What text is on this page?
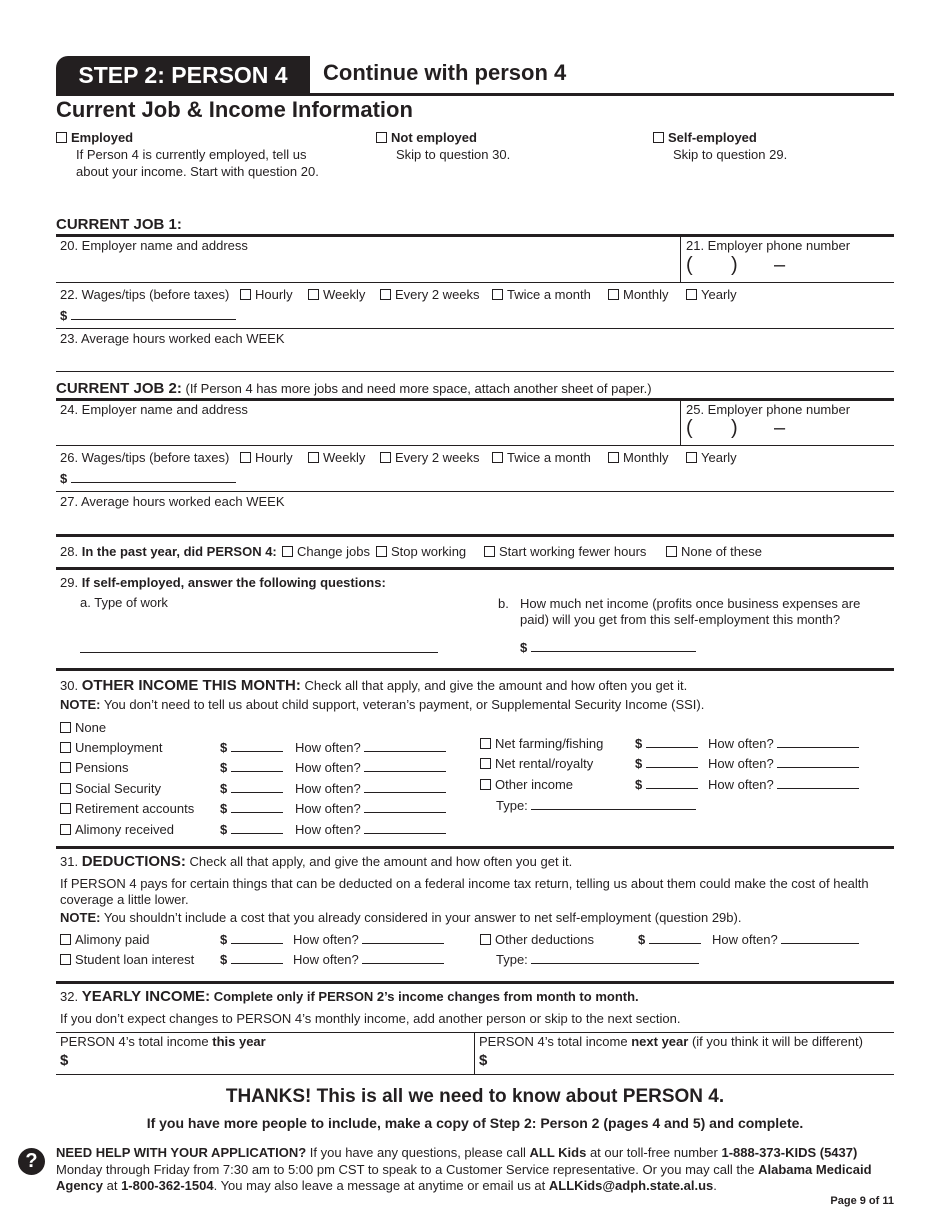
STEP 2: PERSON 4	Continue with person 4
Current Job & Income Information
Employed
If Person 4 is currently employed, tell us about your income. Start with question 20.
Not employed
Skip to question 30.
Self-employed
Skip to question 29.
CURRENT JOB 1:
20. Employer name and address	21. Employer phone number
( ) –
22. Wages/tips (before taxes)	Hourly	Weekly	Every 2 weeks	Twice a month	Monthly	Yearly
$
23. Average hours worked each WEEK
CURRENT JOB 2: (If Person 4 has more jobs and need more space, attach another sheet of paper.)
24. Employer name and address	25. Employer phone number
( ) –
26. Wages/tips (before taxes)	Hourly	Weekly	Every 2 weeks	Twice a month	Monthly	Yearly
$
27. Average hours worked each WEEK
28. In the past year, did PERSON 4:	Change jobs	Stop working	Start working fewer hours	None of these
29. If self-employed, answer the following questions:
a. Type of work	b. How much net income (profits once business expenses are paid) will you get from this self-employment this month?
$
30. OTHER INCOME THIS MONTH: Check all that apply, and give the amount and how often you get it.
NOTE: You don’t need to tell us about child support, veteran’s payment, or Supplemental Security Income (SSI).
None
Unemployment	$	How often?
Pensions	$	How often?
Social Security	$	How often?
Retirement accounts $	How often?
Alimony received	$	How often?
Net farming/fishing $	How often?
Net rental/royalty	$	How often?
Other income	$	How often?
Type:
31. DEDUCTIONS: Check all that apply, and give the amount and how often you get it.
If PERSON 4 pays for certain things that can be deducted on a federal income tax return, telling us about them could make the cost of health coverage a little lower.
NOTE: You shouldn’t include a cost that you already considered in your answer to net self-employment (question 29b).
Alimony paid	$	How often?
Student loan interest $	How often?
Other deductions	$	How often?
Type:
32. YEARLY INCOME: Complete only if PERSON 2’s income changes from month to month.
If you don’t expect changes to PERSON 4’s monthly income, add another person or skip to the next section.
PERSON 4’s total income this year
$
PERSON 4’s total income next year (if you think it will be different)
$
THANKS! This is all we need to know about PERSON 4.
If you have more people to include, make a copy of Step 2: Person 2 (pages 4 and 5) and complete.
?	NEED HELP WITH YOUR APPLICATION? If you have any questions, please call ALL Kids at our toll-free number 1-888-373-KIDS (5437) Monday through Friday from 7:30 am to 5:00 pm CST to speak to a Customer Service representative. Or you may call the Alabama Medicaid Agency at 1-800-362-1504. You may also leave a message at anytime or email us at ALLKids@adph.state.al.us.
Page 9 of 11
